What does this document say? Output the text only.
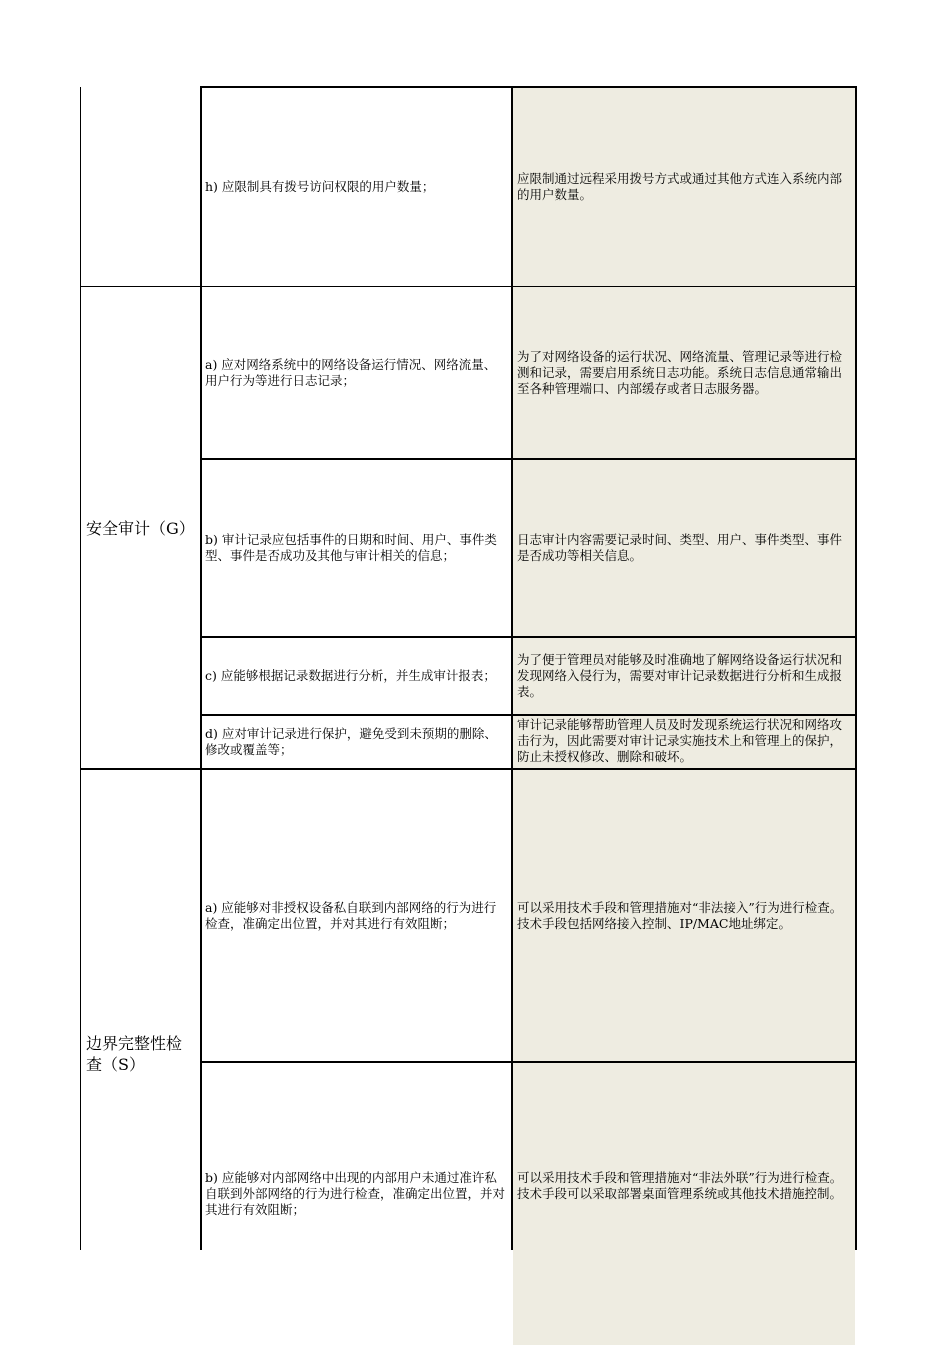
安全审计（G）
边界完整性检查（S）
h) 应限制具有拨号访问权限的用户数量；
应限制通过远程采用拨号方式或通过其他方式连入系统内部的用户数量。
a) 应对网络系统中的网络设备运行情况、网络流量、用户行为等进行日志记录；
为了对网络设备的运行状况、网络流量、管理记录等进行检测和记录，需要启用系统日志功能。系统日志信息通常输出至各种管理端口、内部缓存或者日志服务器。
b) 审计记录应包括事件的日期和时间、用户、事件类型、事件是否成功及其他与审计相关的信息；
日志审计内容需要记录时间、类型、用户、事件类型、事件是否成功等相关信息。
c) 应能够根据记录数据进行分析，并生成审计报表；
为了便于管理员对能够及时准确地了解网络设备运行状况和发现网络入侵行为，需要对审计记录数据进行分析和生成报表。
d) 应对审计记录进行保护，避免受到未预期的删除、修改或覆盖等；
审计记录能够帮助管理人员及时发现系统运行状况和网络攻击行为，因此需要对审计记录实施技术上和管理上的保护，防止未授权修改、删除和破坏。
a) 应能够对非授权设备私自联到内部网络的行为进行检查，准确定出位置，并对其进行有效阻断；
可以采用技术手段和管理措施对“非法接入”行为进行检查。技术手段包括网络接入控制、IP/MAC地址绑定。
b) 应能够对内部网络中出现的内部用户未通过准许私自联到外部网络的行为进行检查，准确定出位置，并对其进行有效阻断；
可以采用技术手段和管理措施对“非法外联”行为进行检查。技术手段可以采取部署桌面管理系统或其他技术措施控制。
